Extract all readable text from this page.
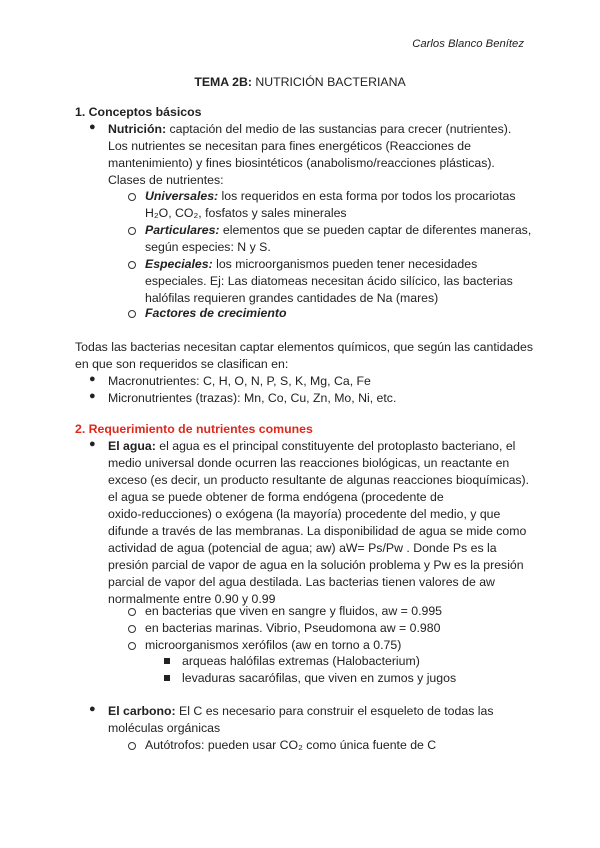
Carlos Blanco Benítez
TEMA 2B: NUTRICIÓN BACTERIANA
1. Conceptos básicos
● Nutrición: captación del medio de las sustancias para crecer (nutrientes).
Los nutrientes se necesitan para fines energéticos (Reacciones de
mantenimiento) y fines biosintéticos (anabolismo/reacciones plásticas).
Clases de nutrientes:
Universales: los requeridos en esta forma por todos los procariotas
H₂O, CO₂, fosfatos y sales minerales
Particulares: elementos que se pueden captar de diferentes maneras,
según especies: N y S.
Especiales: los microorganismos pueden tener necesidades
especiales. Ej: Las diatomeas necesitan ácido silícico, las bacterias
halófilas requieren grandes cantidades de Na (mares)
Factores de crecimiento
Todas las bacterias necesitan captar elementos químicos, que según las cantidades
en que son requeridos se clasifican en:
● Macronutrientes: C, H, O, N, P, S, K, Mg, Ca, Fe
● Micronutrientes (trazas): Mn, Co, Cu, Zn, Mo, Ni, etc.
2. Requerimiento de nutrientes comunes
● El agua: el agua es el principal constituyente del protoplasto bacteriano, el
medio universal donde ocurren las reacciones biológicas, un reactante en
exceso (es decir, un producto resultante de algunas reacciones bioquímicas).
el agua se puede obtener de forma endógena (procedente de
oxido-reducciones) o exógena (la mayoría) procedente del medio, y que
difunde a través de las membranas. La disponibilidad de agua se mide como
actividad de agua (potencial de agua; aw) aW= Ps/Pw . Donde Ps es la
presión parcial de vapor de agua en la solución problema y Pw es la presión
parcial de vapor del agua destilada. Las bacterias tienen valores de aw
normalmente entre 0.90 y 0.99
en bacterias que viven en sangre y fluidos, aw = 0.995
en bacterias marinas. Vibrio, Pseudomona aw = 0.980
microorganismos xerófilos (aw en torno a 0.75)
arqueas halófilas extremas (Halobacterium)
levaduras sacarófilas, que viven en zumos y jugos
● El carbono: El C es necesario para construir el esqueleto de todas las
moléculas orgánicas
Autótrofos: pueden usar CO₂ como única fuente de C
